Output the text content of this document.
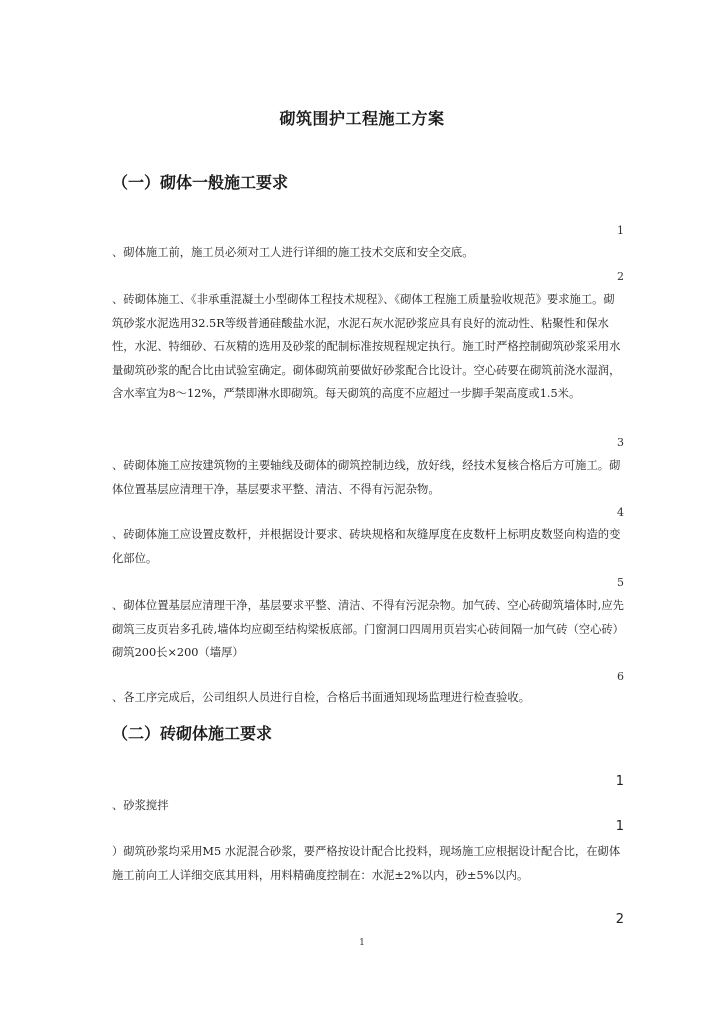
砌筑围护工程施工方案
（一）砌体一般施工要求
1

、砌体施工前，施工员必须对工人进行详细的施工技术交底和安全交底。

2

、砖砌体施工、《非承重混凝土小型砌体工程技术规程》、《砌体工程施工质量验收规范》要求施工。砌筑砂浆水泥选用32.5R等级普通硅酸盐水泥，水泥石灰水泥砂浆应具有良好的流动性、粘聚性和保水性，水泥、特细砂、石灰精的选用及砂浆的配制标准按规程规定执行。施工时严格控制砌筑砂浆采用水量砌筑砂浆的配合比由试验室确定。砌体砌筑前要做好砂浆配合比设计。空心砖要在砌筑前浇水湿润，含水率宜为8～12%，严禁即淋水即砌筑。每天砌筑的高度不应超过一步脚手架高度或1.5米。

3

、砖砌体施工应按建筑物的主要轴线及砌体的砌筑控制边线，放好线，经技术复核合格后方可施工。砌体位置基层应清理干净，基层要求平整、清洁、不得有污泥杂物。

4

、砖砌体施工应设置皮数杆，并根据设计要求、砖块规格和灰缝厚度在皮数杆上标明皮数竖向构造的变化部位。

5

、砌体位置基层应清理干净，基层要求平整、清洁、不得有污泥杂物。加气砖、空心砖砌筑墙体时,应先砌筑三皮页岩多孔砖,墙体均应砌至结构梁板底部。门窗洞口四周用页岩实心砖间隔一加气砖（空心砖）砌筑200长×200（墙厚）

6

、各工序完成后，公司组织人员进行自检，合格后书面通知现场监理进行检查验收。

（二）砖砌体施工要求
1

、砂浆搅拌

1

）砌筑砂浆均采用M5 水泥混合砂浆，要严格按设计配合比投料，现场施工应根据设计配合比，在砌体施工前向工人详细交底其用料，用料精确度控制在：水泥±2%以内，砂±5%以内。

2
1
